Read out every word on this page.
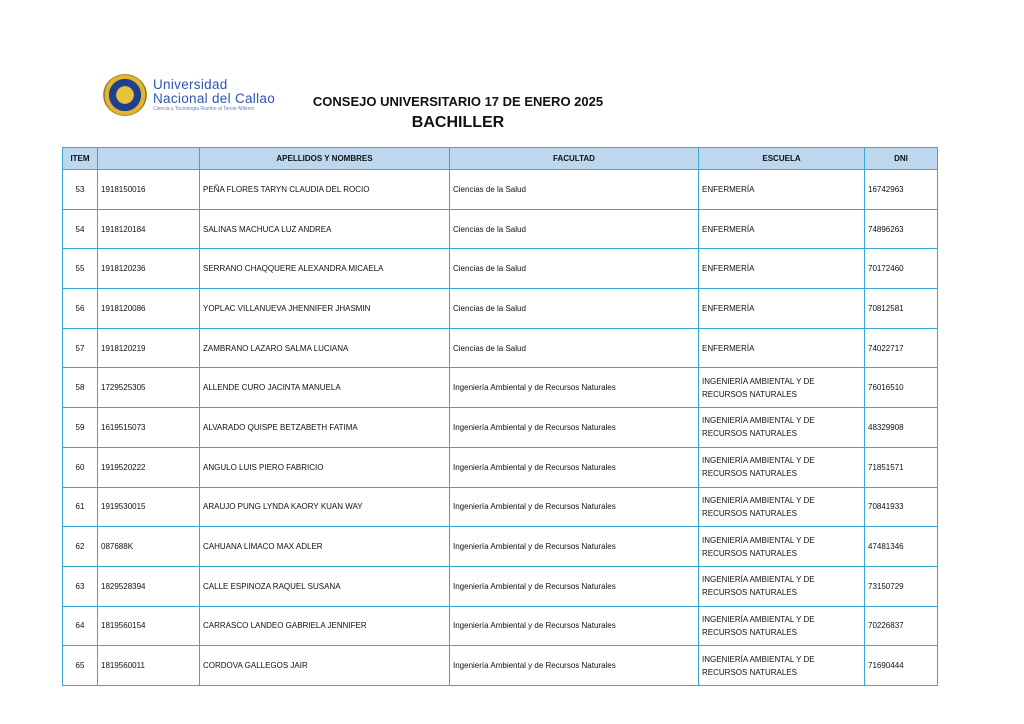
Universidad
Nacional del Callao
Ciencia y Tecnología Rumbo al Tercer Milenio	CONSEJO UNIVERSITARIO 17 DE ENERO 2025
BACHILLER
ITEM		APELLIDOS Y NOMBRES	FACULTAD	ESCUELA	DNI
53	1918150016	PEÑA FLORES TARYN CLAUDIA DEL ROCIO	Ciencias de la Salud	ENFERMERÍA	16742963
54	1918120184	SALINAS MACHUCA LUZ ANDREA	Ciencias de la Salud	ENFERMERÍA	74896263
55	1918120236	SERRANO CHAQQUERE ALEXANDRA MICAELA	Ciencias de la Salud	ENFERMERÍA	70172460
56	1918120086	YOPLAC VILLANUEVA JHENNIFER JHASMIN	Ciencias de la Salud	ENFERMERÍA	70812581
57	1918120219	ZAMBRANO LAZARO SALMA LUCIANA	Ciencias de la Salud	ENFERMERÍA	74022717
58	1729525305	ALLENDE CURO JACINTA MANUELA	Ingeniería Ambiental y de Recursos Naturales	INGENIERÍA AMBIENTAL Y DE RECURSOS NATURALES	76016510
59	1619515073	ALVARADO QUISPE BETZABETH FATIMA	Ingeniería Ambiental y de Recursos Naturales	INGENIERÍA AMBIENTAL Y DE RECURSOS NATURALES	48329908
60	1919520222	ANGULO LUIS PIERO FABRICIO	Ingeniería Ambiental y de Recursos Naturales	INGENIERÍA AMBIENTAL Y DE RECURSOS NATURALES	71851571
61	1919530015	ARAUJO PUNG LYNDA KAORY KUAN WAY	Ingeniería Ambiental y de Recursos Naturales	INGENIERÍA AMBIENTAL Y DE RECURSOS NATURALES	70841933
62	087688K	CAHUANA LIMACO MAX ADLER	Ingeniería Ambiental y de Recursos Naturales	INGENIERÍA AMBIENTAL Y DE RECURSOS NATURALES	47481346
63	1829528394	CALLE ESPINOZA RAQUEL SUSANA	Ingeniería Ambiental y de Recursos Naturales	INGENIERÍA AMBIENTAL Y DE RECURSOS NATURALES	73150729
64	1819560154	CARRASCO LANDEO GABRIELA JENNIFER	Ingeniería Ambiental y de Recursos Naturales	INGENIERÍA AMBIENTAL Y DE RECURSOS NATURALES	70226837
65	1819560011	CORDOVA GALLEGOS JAIR	Ingeniería Ambiental y de Recursos Naturales	INGENIERÍA AMBIENTAL Y DE RECURSOS NATURALES	71690444
